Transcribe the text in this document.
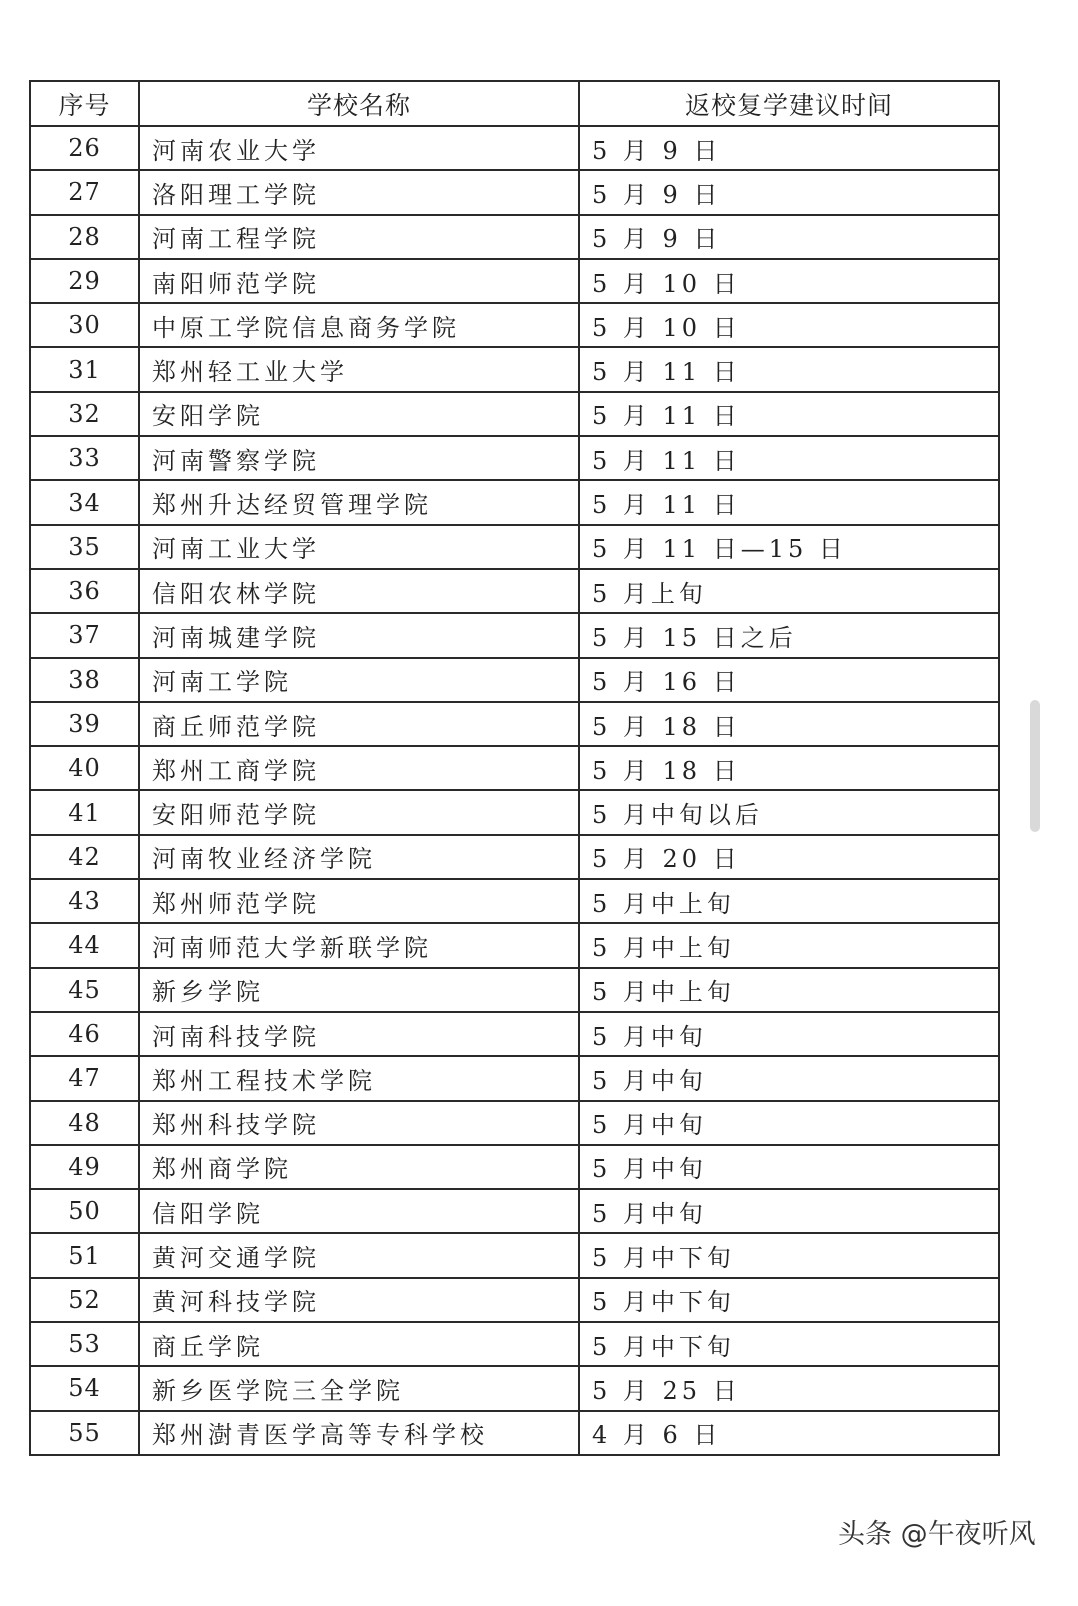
序号	学校名称	返校复学建议时间
26	河南农业大学	5 月 9 日
27	洛阳理工学院	5 月 9 日
28	河南工程学院	5 月 9 日
29	南阳师范学院	5 月 10 日
30	中原工学院信息商务学院	5 月 10 日
31	郑州轻工业大学	5 月 11 日
32	安阳学院	5 月 11 日
33	河南警察学院	5 月 11 日
34	郑州升达经贸管理学院	5 月 11 日
35	河南工业大学	5 月 11 日—15 日
36	信阳农林学院	5 月上旬
37	河南城建学院	5 月 15 日之后
38	河南工学院	5 月 16 日
39	商丘师范学院	5 月 18 日
40	郑州工商学院	5 月 18 日
41	安阳师范学院	5 月中旬以后
42	河南牧业经济学院	5 月 20 日
43	郑州师范学院	5 月中上旬
44	河南师范大学新联学院	5 月中上旬
45	新乡学院	5 月中上旬
46	河南科技学院	5 月中旬
47	郑州工程技术学院	5 月中旬
48	郑州科技学院	5 月中旬
49	郑州商学院	5 月中旬
50	信阳学院	5 月中旬
51	黄河交通学院	5 月中下旬
52	黄河科技学院	5 月中下旬
53	商丘学院	5 月中下旬
54	新乡医学院三全学院	5 月 25 日
55	郑州澍青医学高等专科学校	4 月 6 日
头条 @午夜听风
